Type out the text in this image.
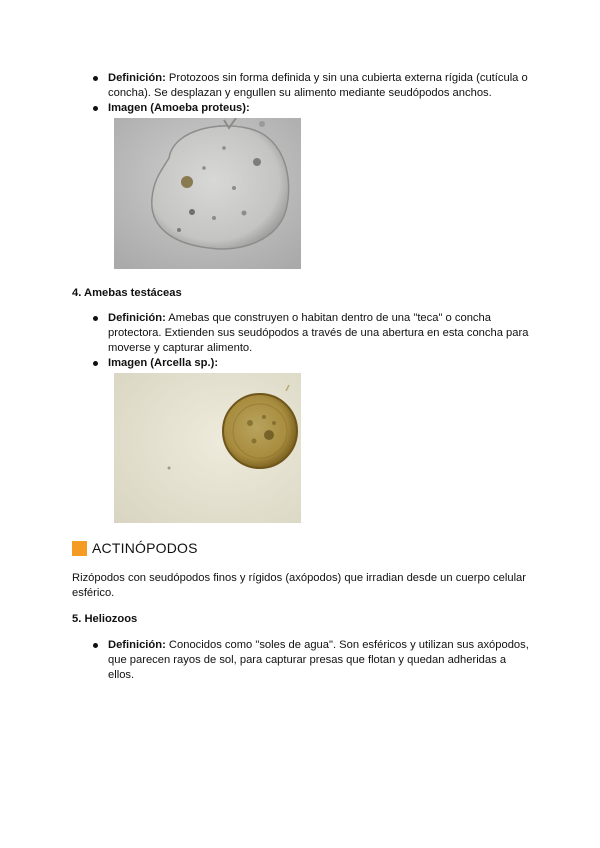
Definición: Protozoos sin forma definida y sin una cubierta externa rígida (cutícula o concha). Se desplazan y engullen su alimento mediante seudópodos anchos.
Imagen (Amoeba proteus):
4. Amebas testáceas
Definición: Amebas que construyen o habitan dentro de una "teca" o concha protectora. Extienden sus seudópodos a través de una abertura en esta concha para moverse y capturar alimento.
Imagen (Arcella sp.):
ACTINÓPODOS
Rizópodos con seudópodos finos y rígidos (axópodos) que irradian desde un cuerpo celular esférico.
5. Heliozoos
Definición: Conocidos como "soles de agua". Son esféricos y utilizan sus axópodos, que parecen rayos de sol, para capturar presas que flotan y quedan adheridas a ellos.
